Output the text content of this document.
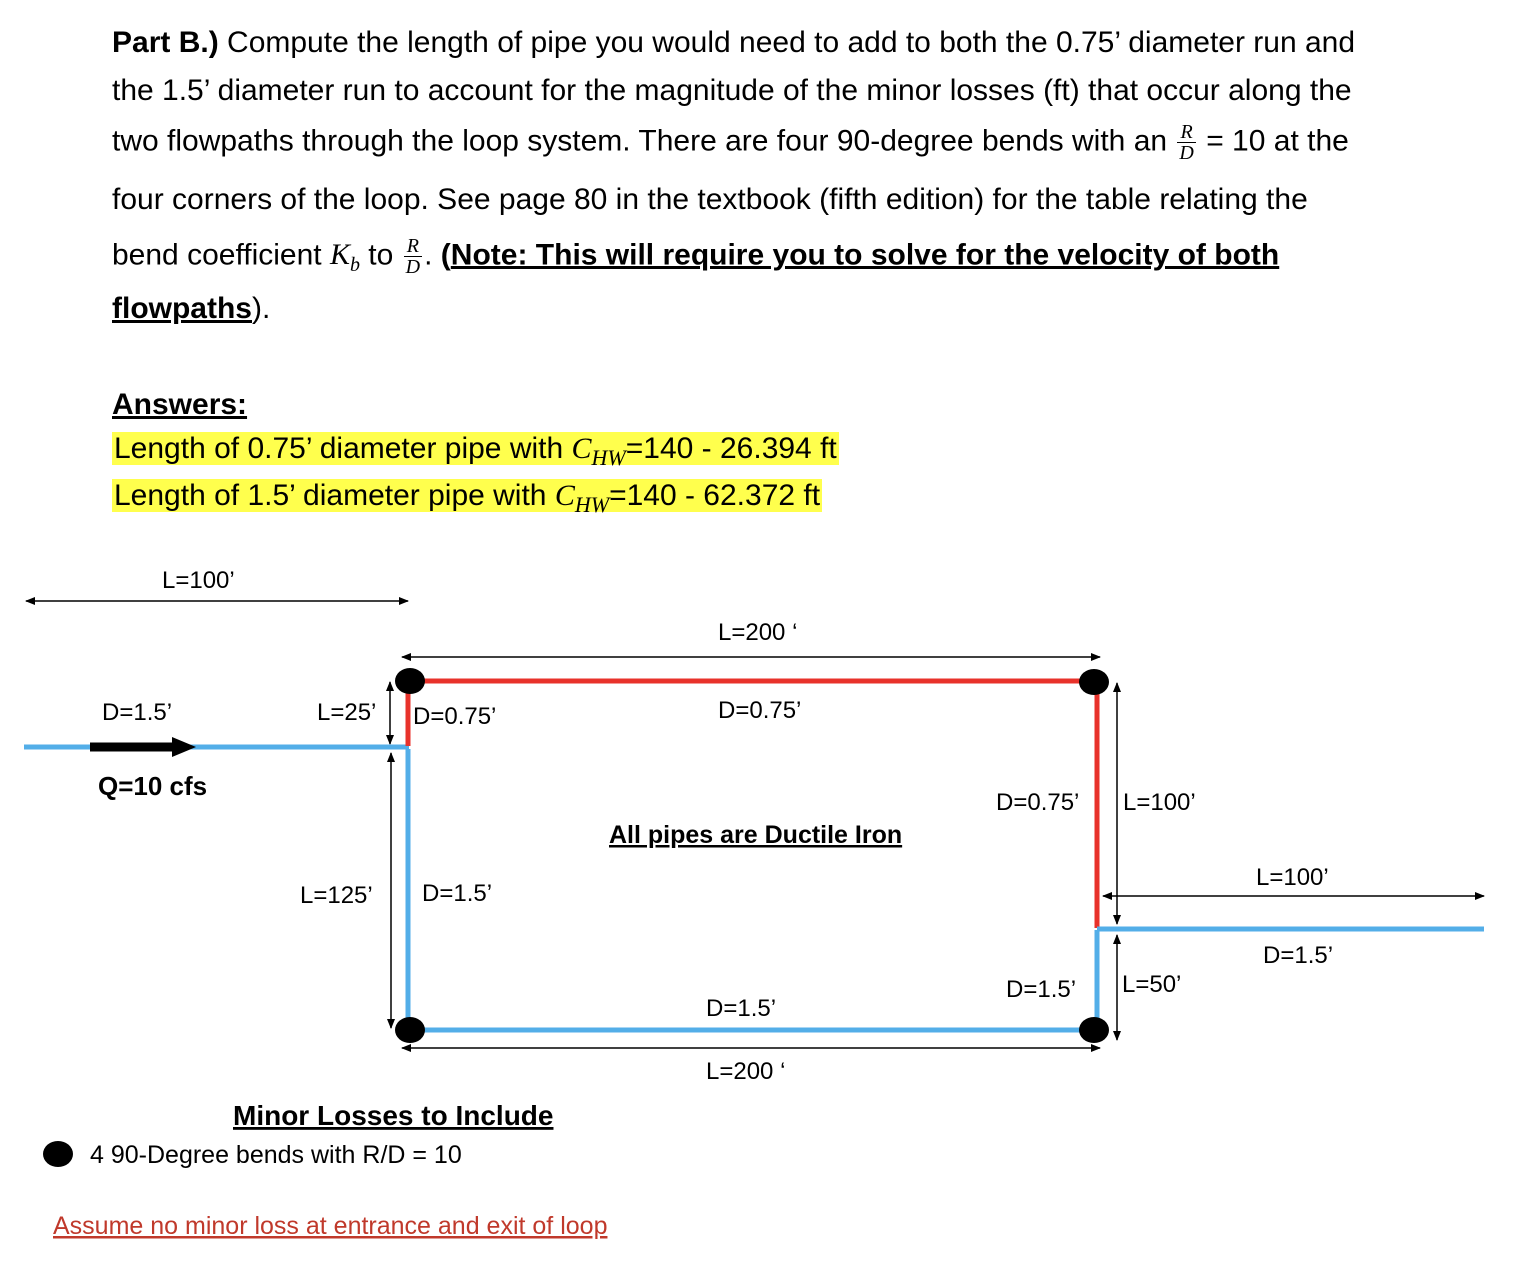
Part B.) Compute the length of pipe you would need to add to both the 0.75’ diameter run and
the 1.5’ diameter run to account for the magnitude of the minor losses (ft) that occur along the
two flowpaths through the loop system. There are four 90-degree bends with an $\frac{R}{D} = 10$ at the
four corners of the loop. See page 80 in the textbook (fifth edition) for the table relating the
bend coefficient $K_b$ to $\frac{R}{D}$ . (Note: This will require you to solve for the velocity of both
flowpaths).
Answers:
Length of 0.75’ diameter pipe with $C_{HW}=140 - 26.394$ ft
Length of 1.5’ diameter pipe with $C_{HW}=140 - 62.372$ ft
L=100’
D=1.5’
Q=10 cfs
L=25’ D=0.75’
L=200 ‘
D=0.75’
All pipes are Ductile Iron
L=125’ D=1.5’
D=0.75’ L=100’
L=100’
D=1.5’
D=1.5’ L=50’
D=1.5’
L=200 ‘
Minor Losses to Include
4 90-Degree bends with R/D = 10
Assume no minor loss at entrance and exit of loop
